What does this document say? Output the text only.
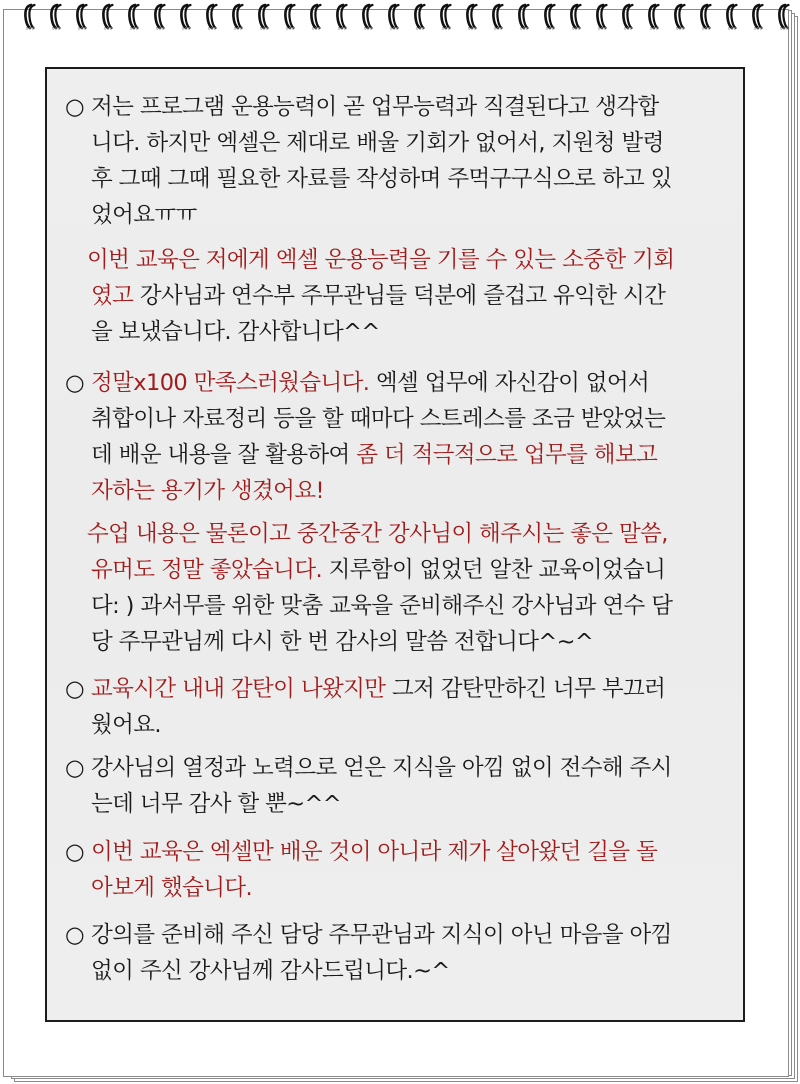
○ 저는 프로그램 운용능력이 곧 업무능력과 직결된다고 생각합
니다. 하지만 엑셀은 제대로 배울 기회가 없어서, 지원청 발령
후 그때 그때 필요한 자료를 작성하며 주먹구구식으로 하고 있
었어요ㅠㅠ
이번 교육은 저에게 엑셀 운용능력을 기를 수 있는 소중한 기회
였고 강사님과 연수부 주무관님들 덕분에 즐겁고 유익한 시간
을 보냈습니다. 감사합니다^^
○ 정말x100 만족스러웠습니다. 엑셀 업무에 자신감이 없어서
취합이나 자료정리 등을 할 때마다 스트레스를 조금 받았었는
데 배운 내용을 잘 활용하여 좀 더 적극적으로 업무를 해보고
자하는 용기가 생겼어요!
수업 내용은 물론이고 중간중간 강사님이 해주시는 좋은 말씀,
유머도 정말 좋았습니다. 지루함이 없었던 알찬 교육이었습니
다: ) 과서무를 위한 맞춤 교육을 준비해주신 강사님과 연수 담
당 주무관님께 다시 한 번 감사의 말씀 전합니다^~^
○ 교육시간 내내 감탄이 나왔지만 그저 감탄만하긴 너무 부끄러
웠어요.
○ 강사님의 열정과 노력으로 얻은 지식을 아낌 없이 전수해 주시
는데 너무 감사 할 뿐~^^
○ 이번 교육은 엑셀만 배운 것이 아니라 제가 살아왔던 길을 돌
아보게 했습니다.
○ 강의를 준비해 주신 담당 주무관님과 지식이 아닌 마음을 아낌
없이 주신 강사님께 감사드립니다.~^
